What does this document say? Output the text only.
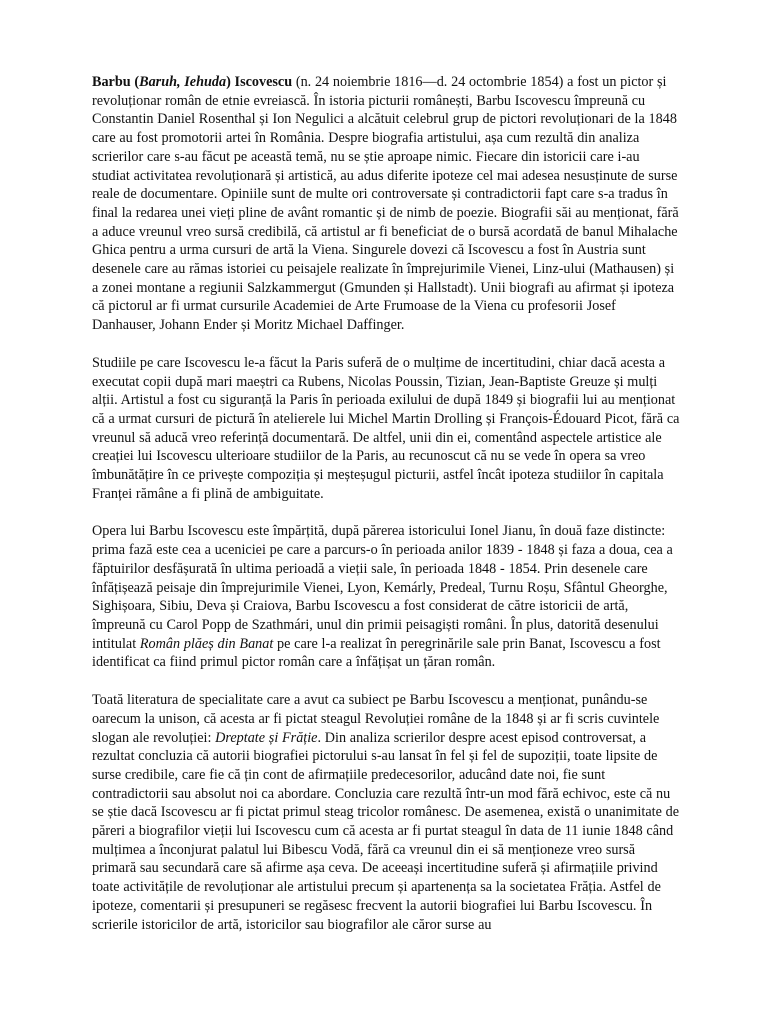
Barbu (Baruh, Iehuda) Iscovescu (n. 24 noiembrie 1816—d. 24 octombrie 1854) a fost un pictor și revoluționar român de etnie evreiască. În istoria picturii românești, Barbu Iscovescu împreună cu Constantin Daniel Rosenthal și Ion Negulici a alcătuit celebrul grup de pictori revoluționari de la 1848 care au fost promotorii artei în România. Despre biografia artistului, așa cum rezultă din analiza scrierilor care s-au făcut pe această temă, nu se știe aproape nimic. Fiecare din istoricii care i-au studiat activitatea revoluționară și artistică, au adus diferite ipoteze cel mai adesea nesusținute de surse reale de documentare. Opiniile sunt de multe ori controversate și contradictorii fapt care s-a tradus în final la redarea unei vieți pline de avânt romantic și de nimb de poezie. Biografii săi au menționat, fără a aduce vreunul vreo sursă credibilă, că artistul ar fi beneficiat de o bursă acordată de banul Mihalache Ghica pentru a urma cursuri de artă la Viena. Singurele dovezi că Iscovescu a fost în Austria sunt desenele care au rămas istoriei cu peisajele realizate în împrejurimile Vienei, Linz-ului (Mathausen) și a zonei montane a regiunii Salzkammergut (Gmunden și Hallstadt). Unii biografi au afirmat și ipoteza că pictorul ar fi urmat cursurile Academiei de Arte Frumoase de la Viena cu profesorii Josef Danhauser, Johann Ender și Moritz Michael Daffinger.

Studiile pe care Iscovescu le-a făcut la Paris suferă de o mulțime de incertitudini, chiar dacă acesta a executat copii după mari maeștri ca Rubens, Nicolas Poussin, Tizian, Jean-Baptiste Greuze și mulți alții. Artistul a fost cu siguranță la Paris în perioada exilului de după 1849 și biografii lui au menționat că a urmat cursuri de pictură în atelierele lui Michel Martin Drolling și François-Édouard Picot, fără ca vreunul să aducă vreo referință documentară. De altfel, unii din ei, comentând aspectele artistice ale creației lui Iscovescu ulterioare studiilor de la Paris, au recunoscut că nu se vede în opera sa vreo îmbunătățire în ce privește compoziția și meșteșugul picturii, astfel încât ipoteza studiilor în capitala Franței rămâne a fi plină de ambiguitate.

Opera lui Barbu Iscovescu este împărțită, după părerea istoricului Ionel Jianu, în două faze distincte: prima fază este cea a uceniciei pe care a parcurs-o în perioada anilor 1839 - 1848 și faza a doua, cea a făptuirilor desfășurată în ultima perioadă a vieții sale, în perioada 1848 - 1854. Prin desenele care înfățișează peisaje din împrejurimile Vienei, Lyon, Kemárly, Predeal, Turnu Roșu, Sfântul Gheorghe, Sighișoara, Sibiu, Deva și Craiova, Barbu Iscovescu a fost considerat de către istoricii de artă, împreună cu Carol Popp de Szathmári, unul din primii peisagiști români. În plus, datorită desenului intitulat Român plăeș din Banat pe care l-a realizat în peregrinările sale prin Banat, Iscovescu a fost identificat ca fiind primul pictor român care a înfățișat un țăran român.

Toată literatura de specialitate care a avut ca subiect pe Barbu Iscovescu a menționat, punându-se oarecum la unison, că acesta ar fi pictat steagul Revoluției române de la 1848 și ar fi scris cuvintele slogan ale revoluției: Dreptate și Frăție. Din analiza scrierilor despre acest episod controversat, a rezultat concluzia că autorii biografiei pictorului s-au lansat în fel și fel de supoziții, toate lipsite de surse credibile, care fie că țin cont de afirmațiile predecesorilor, aducând date noi, fie sunt contradictorii sau absolut noi ca abordare. Concluzia care rezultă într-un mod fără echivoc, este că nu se știe dacă Iscovescu ar fi pictat primul steag tricolor românesc. De asemenea, există o unanimitate de păreri a biografilor vieții lui Iscovescu cum că acesta ar fi purtat steagul în data de 11 iunie 1848 când mulțimea a înconjurat palatul lui Bibescu Vodă, fără ca vreunul din ei să menționeze vreo sursă primară sau secundară care să afirme așa ceva. De aceeași incertitudine suferă și afirmațiile privind toate activitățile de revoluționar ale artistului precum și apartenența sa la societatea Frăția. Astfel de ipoteze, comentarii și presupuneri se regăsesc frecvent la autorii biografiei lui Barbu Iscovescu. În scrierile istoricilor de artă, istoricilor sau biografilor ale căror surse au
